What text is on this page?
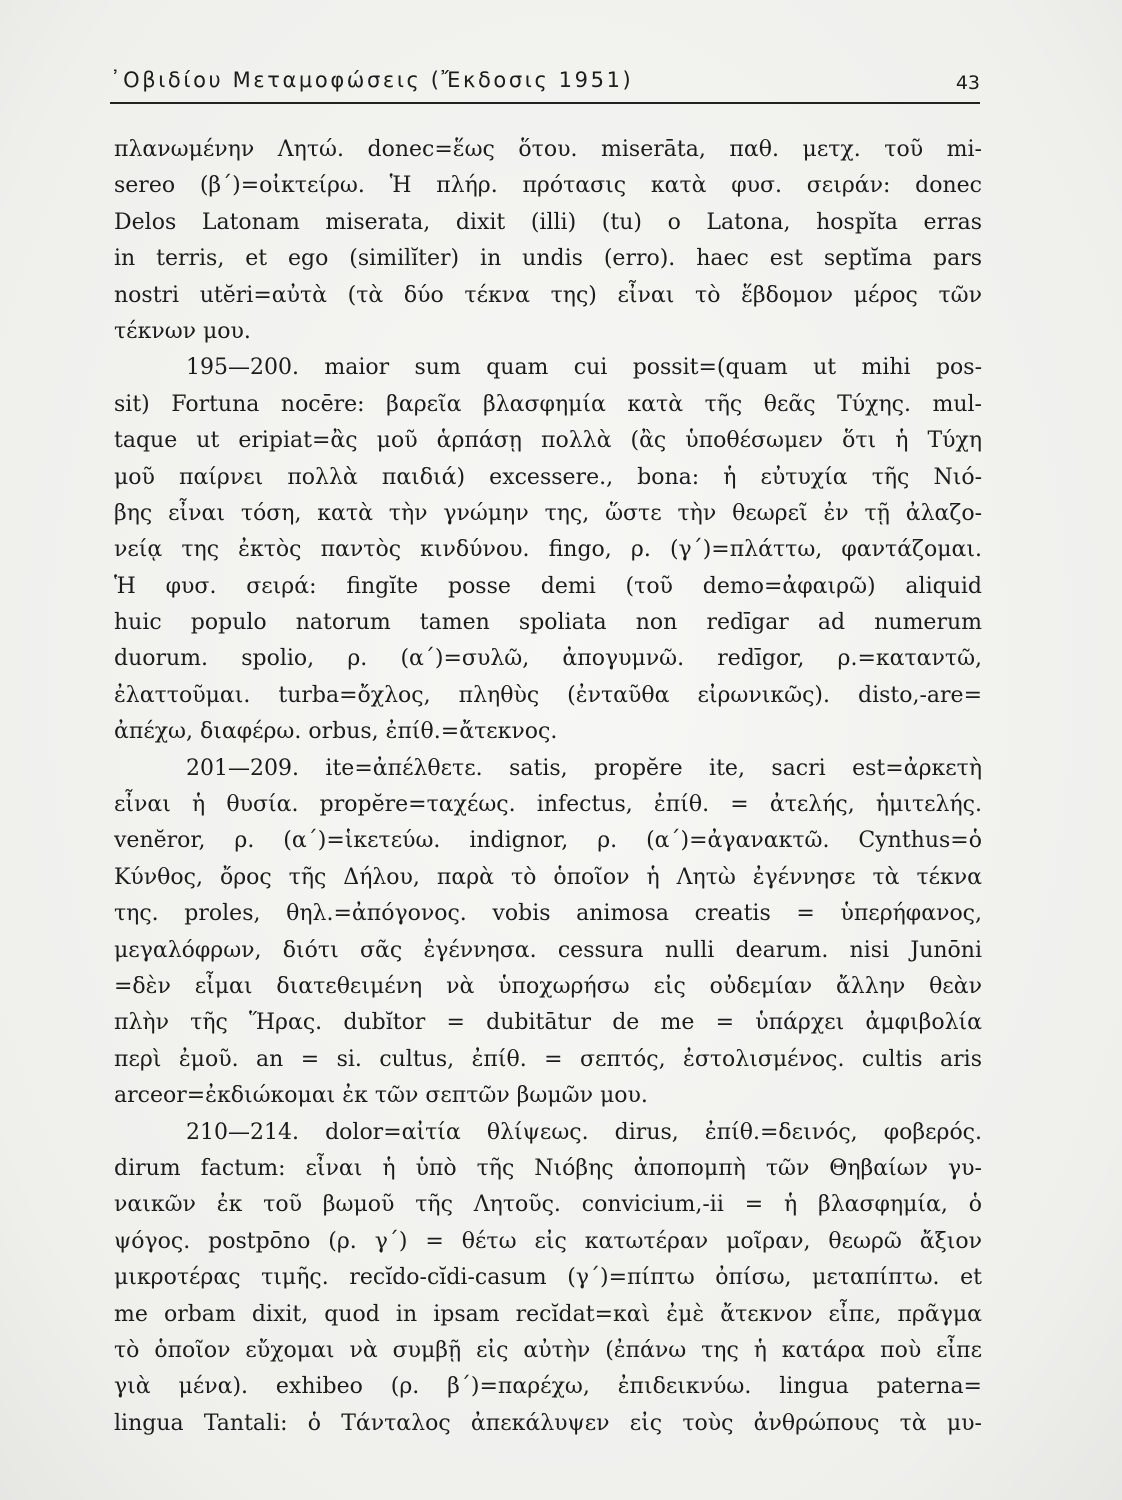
᾿Οβιδίου Μεταμοφώσεις (Ἔκδοσις 1951)	43
πλανωμένην Λητώ. donec=ἕως ὅτου. miserāta, παθ. μετχ. τοῦ mi-
sereo (β΄)=οἰκτείρω. Ἡ πλήρ. πρότασις κατὰ φυσ. σειράν: donec
Delos Latonam miserata, dixit (illi) (tu) o Latona, hospĭta erras
in terris, et ego (similĭter) in undis (erro). haec est septĭma pars
nostri utĕri=αὐτὰ (τὰ δύο τέκνα της) εἶναι τὸ ἕβδομον μέρος τῶν
τέκνων μου.
195—200. maior sum quam cui possit=(quam ut mihi pos-
sit) Fortuna nocēre: βαρεῖα βλασφημία κατὰ τῆς θεᾶς Τύχης. mul-
taque ut eripiat=ἂς μοῦ ἁρπάσῃ πολλὰ (ἂς ὑποθέσωμεν ὅτι ἡ Τύχη
μοῦ παίρνει πολλὰ παιδιά) excessere., bona: ἡ εὐτυχία τῆς Νιό-
βης εἶναι τόση, κατὰ τὴν γνώμην της, ὥστε τὴν θεωρεῖ ἐν τῇ ἀλαζο-
νείᾳ της ἐκτὸς παντὸς κινδύνου. fingo, ρ. (γ΄)=πλάττω, φαντάζομαι.
Ἡ φυσ. σειρά: fingĭte posse demi (τοῦ demo=ἀφαιρῶ) aliquid
huic populo natorum tamen spoliata non redīgar ad numerum
duorum. spolio, ρ. (α΄)=συλῶ, ἀπογυμνῶ. redīgor, ρ.=καταντῶ,
ἐλαττοῦμαι. turba=ὄχλος, πληθὺς (ἐνταῦθα εἰρωνικῶς). disto,-are=
ἀπέχω, διαφέρω. orbus, ἐπίθ.=ἄτεκνος.
201—209. ite=ἀπέλθετε. satis, propĕre ite, sacri est=ἀρκετὴ
εἶναι ἡ θυσία. propĕre=ταχέως. infectus, ἐπίθ. = ἀτελής, ἡμιτελής.
venĕror, ρ. (α΄)=ἱκετεύω. indignor, ρ. (α΄)=ἀγανακτῶ. Cynthus=ὁ
Κύνθος, ὄρος τῆς Δήλου, παρὰ τὸ ὁποῖον ἡ Λητὼ ἐγέννησε τὰ τέκνα
της. proles, θηλ.=ἀπόγονος. vobis animosa creatis = ὑπερήφανος,
μεγαλόφρων, διότι σᾶς ἐγέννησα. cessura nulli dearum. nisi Junōni
=δὲν εἶμαι διατεθειμένη νὰ ὑποχωρήσω εἰς οὐδεμίαν ἄλλην θεὰν
πλὴν τῆς Ἥρας. dubĭtor = dubitātur de me = ὑπάρχει ἀμφιβολία
περὶ ἐμοῦ. an = si. cultus, ἐπίθ. = σεπτός, ἐστολισμένος. cultis aris
arceor=ἐκδιώκομαι ἐκ τῶν σεπτῶν βωμῶν μου.
210—214. dolor=αἰτία θλίψεως. dirus, ἐπίθ.=δεινός, φοβερός.
dirum factum: εἶναι ἡ ὑπὸ τῆς Νιόβης ἀποπομπὴ τῶν Θηβαίων γυ-
ναικῶν ἐκ τοῦ βωμοῦ τῆς Λητοῦς. convicium,-ii = ἡ βλασφημία, ὁ
ψόγος. postpōno (ρ. γ΄) = θέτω εἰς κατωτέραν μοῖραν, θεωρῶ ἄξιον
μικροτέρας τιμῆς. recĭdo-cĭdi-casum (γ΄)=πίπτω ὀπίσω, μεταπίπτω. et
me orbam dixit, quod in ipsam recĭdat=καὶ ἐμὲ ἄτεκνον εἶπε, πρᾶγμα
τὸ ὁποῖον εὔχομαι νὰ συμβῇ εἰς αὐτὴν (ἐπάνω της ἡ κατάρα ποὺ εἶπε
γιὰ μένα). exhibeo (ρ. β΄)=παρέχω, ἐπιδεικνύω. lingua paterna=
lingua Tantali: ὁ Τάνταλος ἀπεκάλυψεν εἰς τοὺς ἀνθρώπους τὰ μυ-
